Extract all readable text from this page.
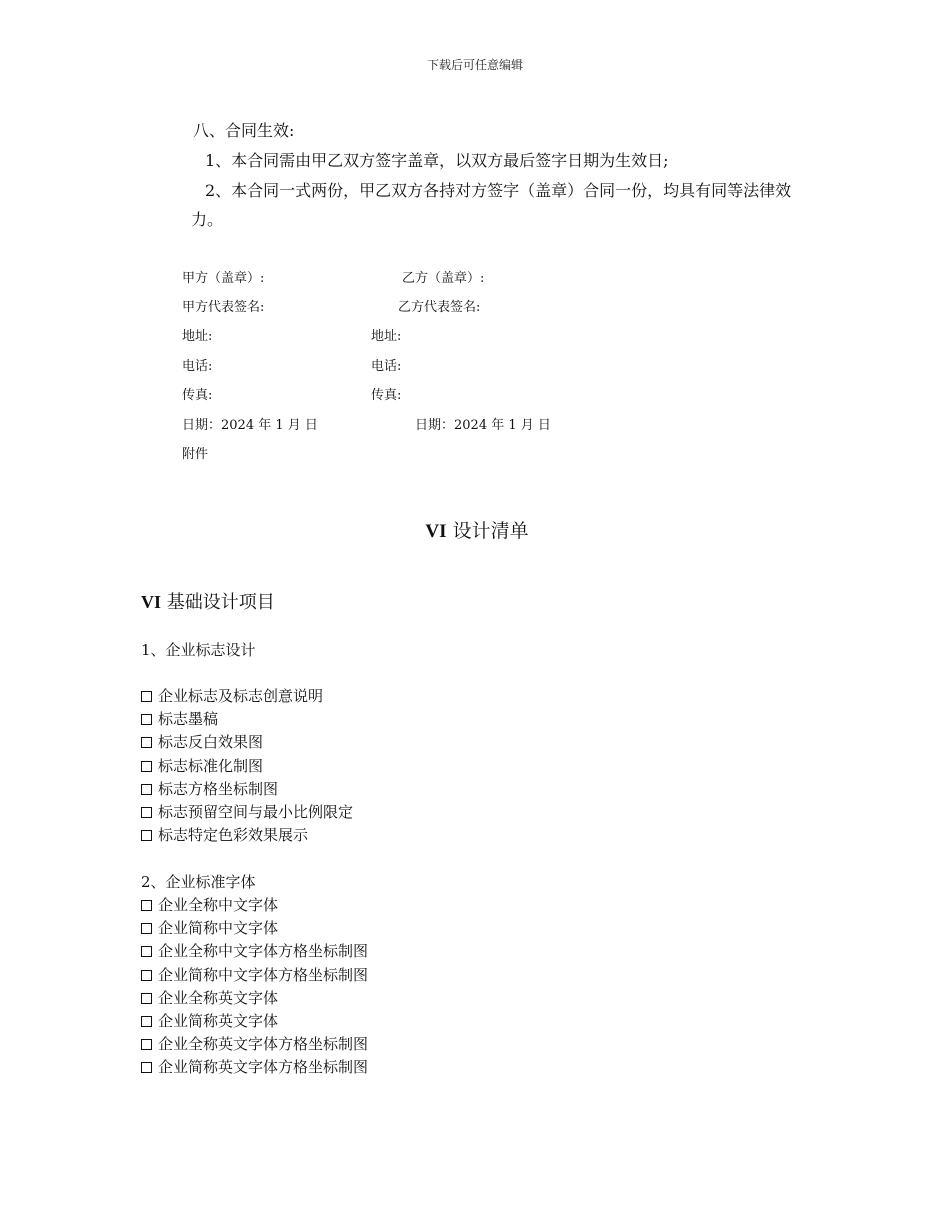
下载后可任意编辑
八、合同生效:
1、本合同需由甲乙双方签字盖章，以双方最后签字日期为生效日;
2、本合同一式两份，甲乙双方各持对方签字（盖章）合同一份，均具有同等法律效
力。
甲方（盖章）:	乙方（盖章）:
甲方代表签名:	乙方代表签名:
地址:	地址:
电话:	电话:
传真:	传真:
日期：2024 年 1 月 日	日期：2024 年 1 月 日
附件
VI 设计清单
VI 基础设计项目
1、企业标志设计
企业标志及标志创意说明
标志墨稿
标志反白效果图
标志标准化制图
标志方格坐标制图
标志预留空间与最小比例限定
标志特定色彩效果展示
2、企业标准字体
企业全称中文字体
企业简称中文字体
企业全称中文字体方格坐标制图
企业简称中文字体方格坐标制图
企业全称英文字体
企业简称英文字体
企业全称英文字体方格坐标制图
企业简称英文字体方格坐标制图
